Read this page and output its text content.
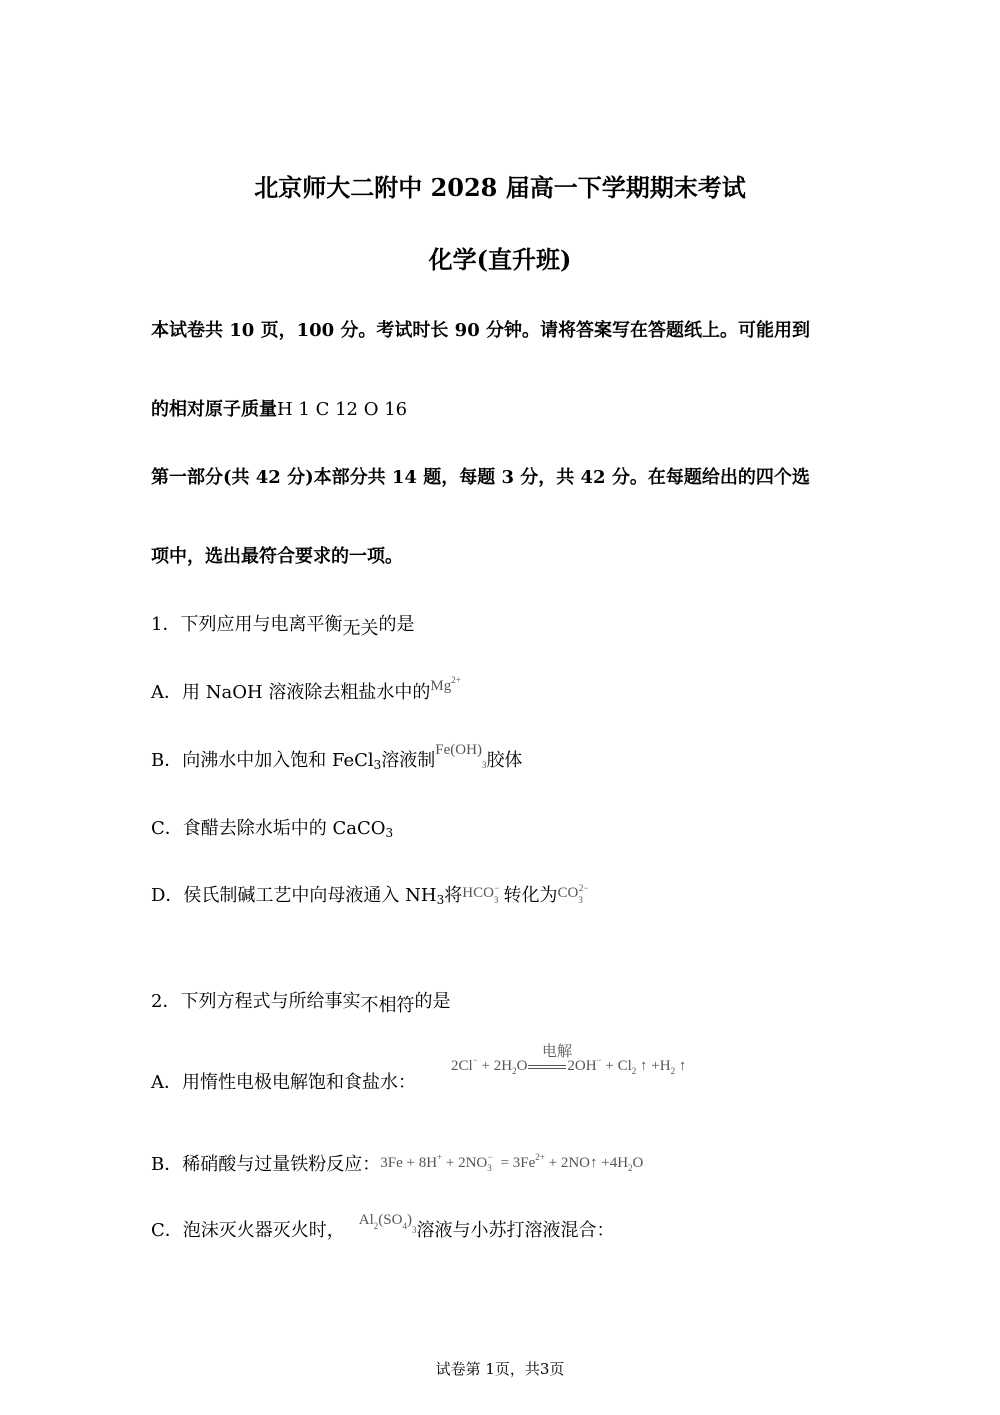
北京师大二附中 2028 届高一下学期期末考试
化学(直升班)
本试卷共 10 页，100 分。考试时长 90 分钟。请将答案写在答题纸上。可能用到
的相对原子质量H 1 C 12 O 16
第一部分(共 42 分)本部分共 14 题，每题 3 分，共 42 分。在每题给出的四个选
项中，选出最符合要求的一项。
1．下列应用与电离平衡无关的是
A．用 NaOH 溶液除去粗盐水中的$^{Mg^{2+}}$
B．向沸水中加入饱和 FeCl$_3$溶液制$^{Fe(OH)_3}$胶体
C．食醋去除水垢中的 CaCO$_3$
D．侯氏制碱工艺中向母液通入 $NH_3$将$^{HCO_3^-}$ 转化为$^{CO_3^{2-}}$
2．下列方程式与所给事实不相符的是
A．用惰性电极电解饱和食盐水：
电解
$2Cl^- + 2H_2O$	$2OH^- + Cl_2$ ↑ $+H_2$ ↑
B．稀硝酸与过量铁粉反应：$3Fe + 8H^+ + 2NO_3^- = 3Fe^{2+}$ + 2NO↑ $+4H_2O$
C．泡沫灭火器灭火时， $^{Al_2(SO_4)_3}$溶液与小苏打溶液混合：
试卷第 1页，共3页
